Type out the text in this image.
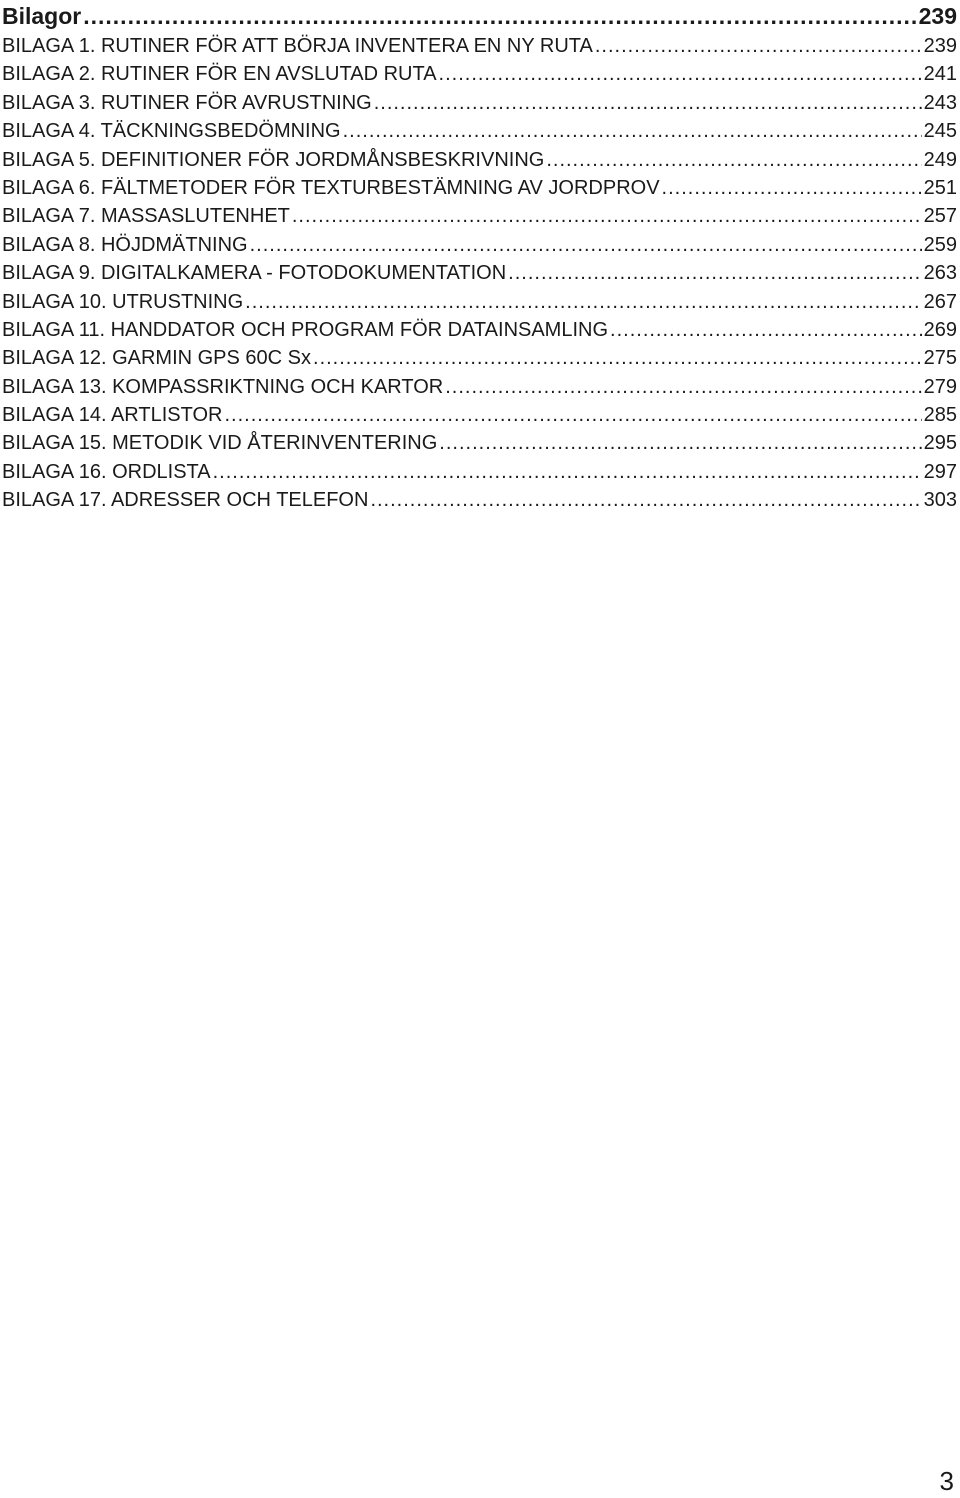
Bilagor .....	239
BILAGA 1. RUTINER FÖR ATT BÖRJA INVENTERA EN NY RUTA .....	239
BILAGA 2. RUTINER FÖR EN AVSLUTAD RUTA .....	241
BILAGA 3. RUTINER FÖR AVRUSTNING .....	243
BILAGA 4. TÄCKNINGSBEDÖMNING .....	245
BILAGA 5. DEFINITIONER FÖR JORDMÅNSBESKRIVNING .....	249
BILAGA 6. FÄLTMETODER FÖR TEXTURBESTÄMNING AV JORDPROV .....	251
BILAGA 7. MASSASLUTENHET .....	257
BILAGA 8. HÖJDMÄTNING .....	259
BILAGA 9. DIGITALKAMERA - FOTODOKUMENTATION .....	263
BILAGA 10. UTRUSTNING .....	267
BILAGA 11. HANDDATOR OCH PROGRAM FÖR DATAINSAMLING .....	269
BILAGA 12. GARMIN GPS 60C Sx .....	275
BILAGA 13. KOMPASSRIKTNING OCH KARTOR .....	279
BILAGA 14. ARTLISTOR .....	285
BILAGA 15. METODIK VID ÅTERINVENTERING .....	295
BILAGA 16. ORDLISTA .....	297
BILAGA 17. ADRESSER OCH TELEFON .....	303
3
